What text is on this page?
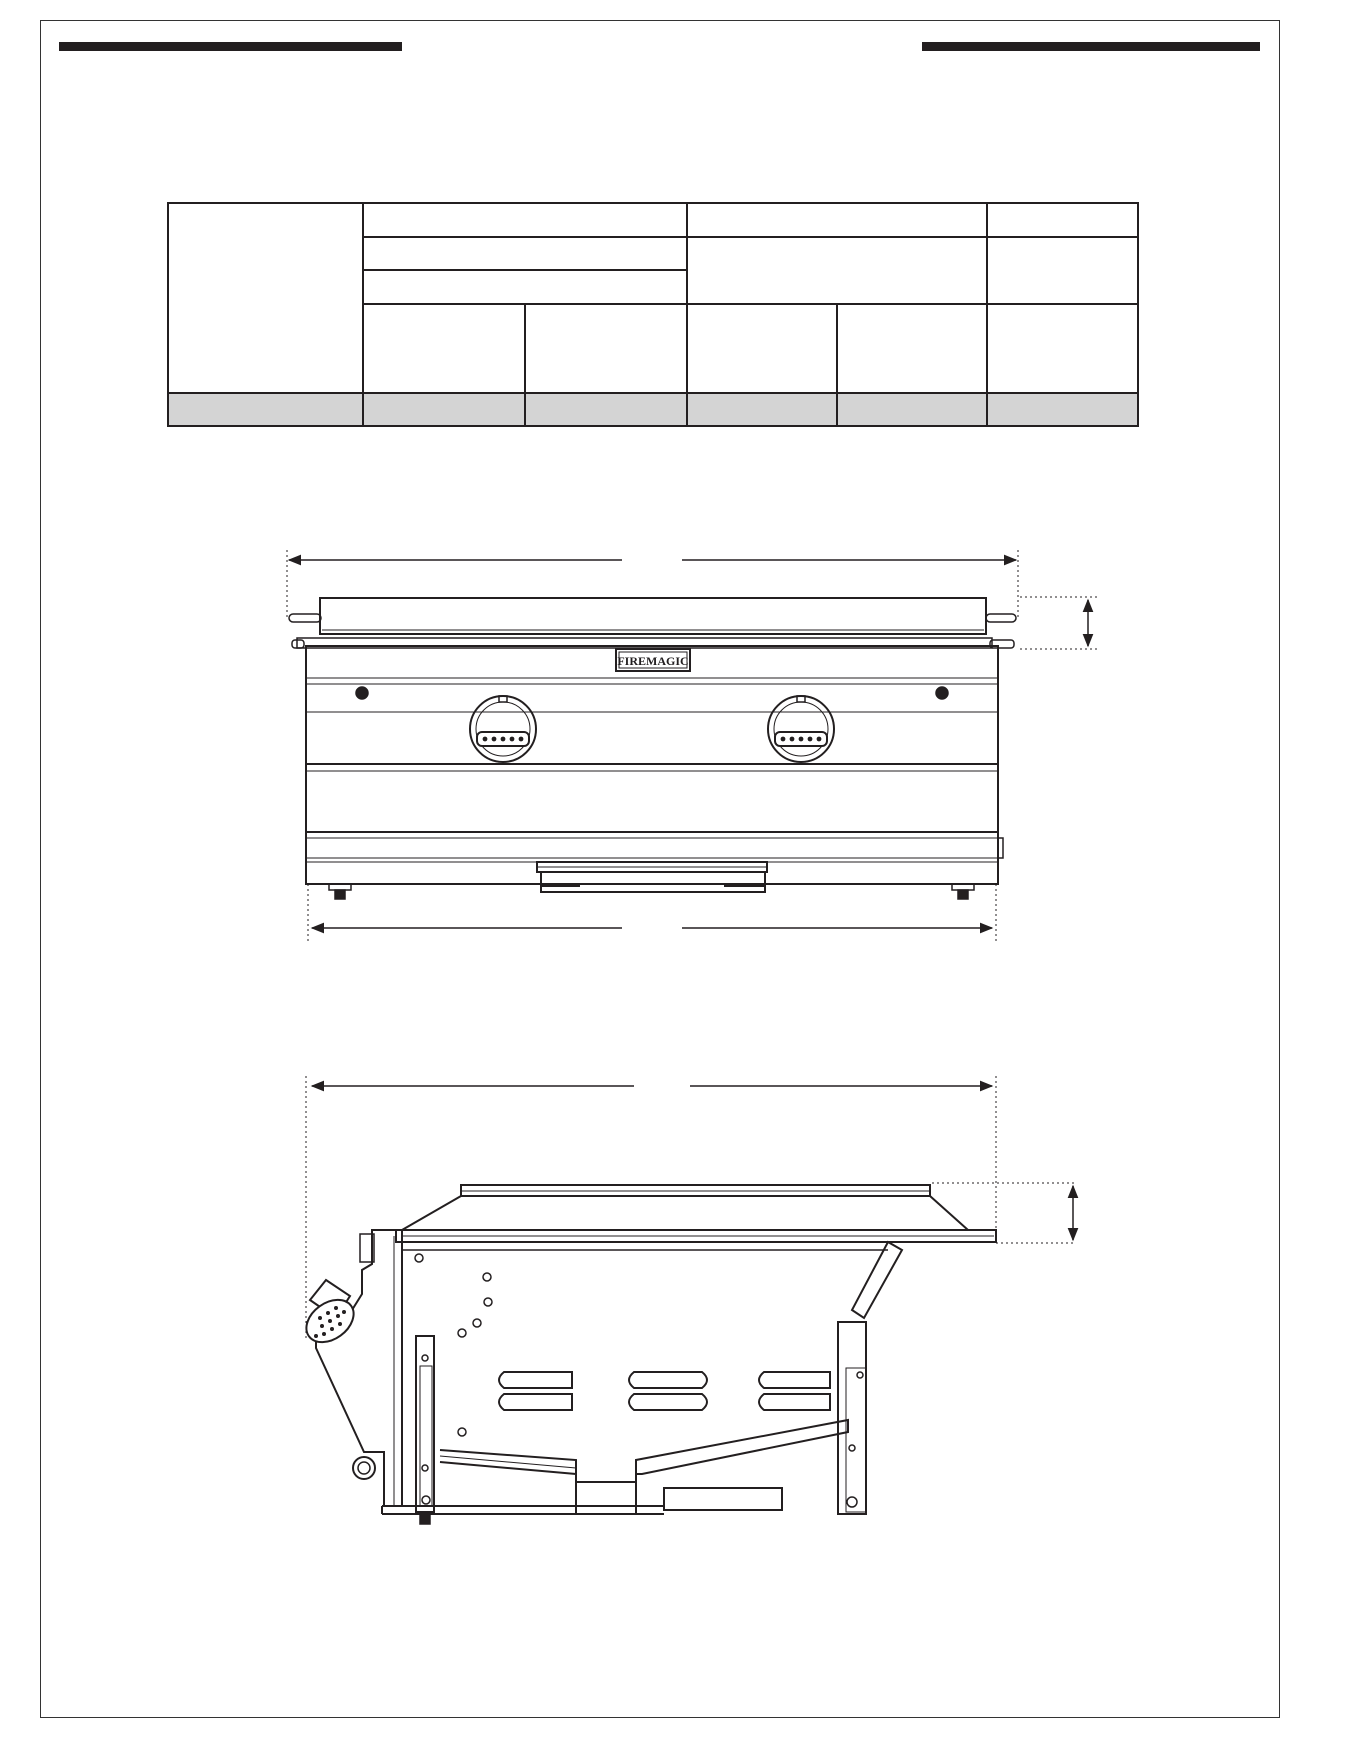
FIREMAGIC
